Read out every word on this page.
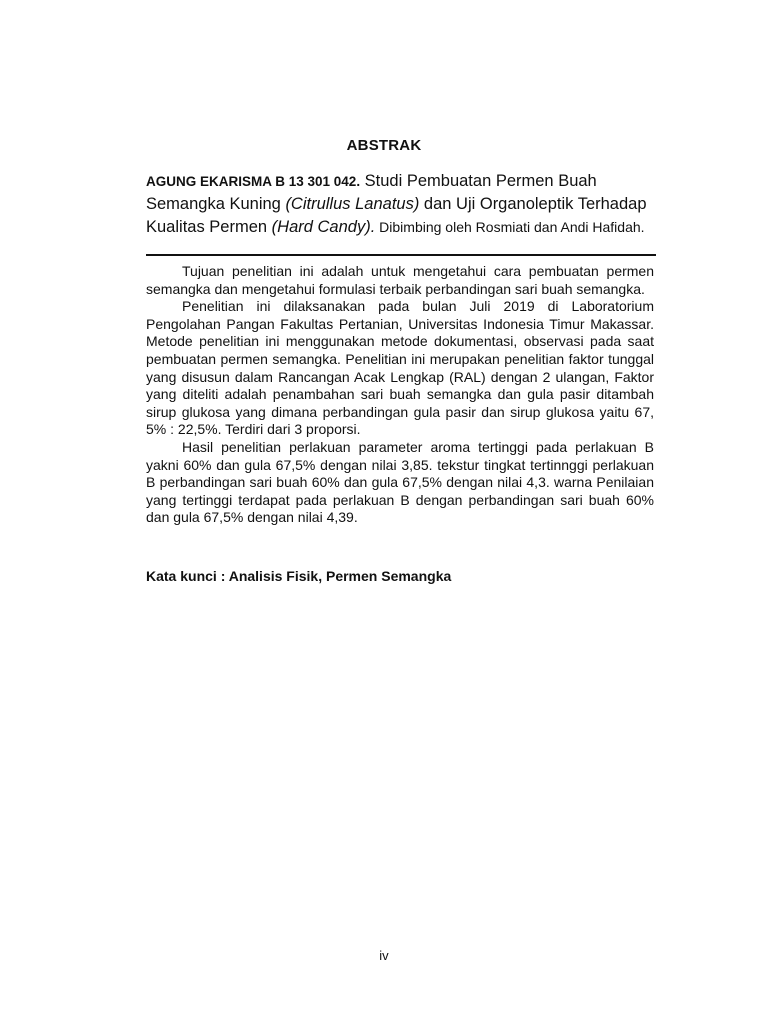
ABSTRAK
AGUNG EKARISMA B 13 301 042. Studi Pembuatan Permen Buah Semangka Kuning (Citrullus Lanatus) dan Uji Organoleptik Terhadap Kualitas Permen (Hard Candy). Dibimbing oleh Rosmiati dan Andi Hafidah.

Tujuan penelitian ini adalah untuk mengetahui cara pembuatan permen semangka dan mengetahui formulasi terbaik perbandingan sari buah semangka.

Penelitian ini dilaksanakan pada bulan Juli 2019 di Laboratorium Pengolahan Pangan Fakultas Pertanian, Universitas Indonesia Timur Makassar. Metode penelitian ini menggunakan metode dokumentasi, observasi pada saat pembuatan permen semangka. Penelitian ini merupakan penelitian faktor tunggal yang disusun dalam Rancangan Acak Lengkap (RAL) dengan 2 ulangan, Faktor yang diteliti adalah penambahan sari buah semangka dan gula pasir ditambah sirup glukosa yang dimana perbandingan gula pasir dan sirup glukosa yaitu 67, 5% : 22,5%. Terdiri dari 3 proporsi.

Hasil penelitian perlakuan parameter aroma tertinggi pada perlakuan B yakni 60% dan gula 67,5% dengan nilai 3,85. tekstur tingkat tertinnggi perlakuan B perbandingan sari buah 60% dan gula 67,5% dengan nilai 4,3. warna Penilaian yang tertinggi terdapat pada perlakuan B dengan perbandingan sari buah 60% dan gula 67,5% dengan nilai 4,39.

Kata kunci : Analisis Fisik, Permen Semangka
iv
